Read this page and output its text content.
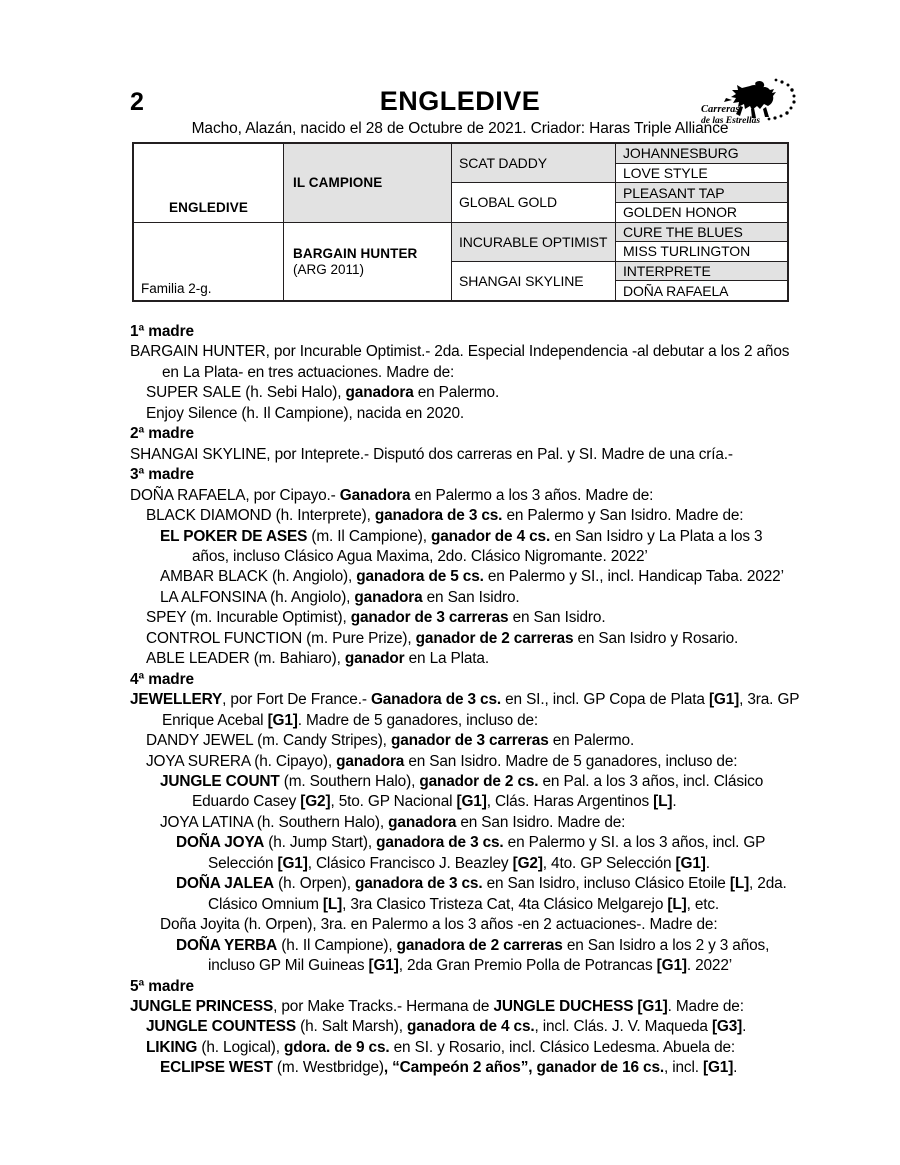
2	ENGLEDIVE
Macho, Alazán, nacido el 28 de Octubre de 2021. Criador: Haras Triple Alliance
Carreras
de las Estrellas
ENGLEDIVE
Familia 2-g.
IL CAMPIONE
BARGAIN HUNTER
(ARG 2011)
SCAT DADDY
GLOBAL GOLD
INCURABLE OPTIMIST
SHANGAI SKYLINE
JOHANNESBURG
LOVE STYLE
PLEASANT TAP
GOLDEN HONOR
CURE THE BLUES
MISS TURLINGTON
INTERPRETE
DOÑA RAFAELA
1ª madre
BARGAIN HUNTER, por Incurable Optimist.- 2da. Especial Independencia -al debutar a los 2 años en La Plata- en tres actuaciones. Madre de:
SUPER SALE (h. Sebi Halo), ganadora en Palermo.
Enjoy Silence (h. Il Campione), nacida en 2020.
2ª madre
SHANGAI SKYLINE, por Inteprete.- Disputó dos carreras en Pal. y SI. Madre de una cría.-
3ª madre
DOÑA RAFAELA, por Cipayo.- Ganadora en Palermo a los 3 años. Madre de:
BLACK DIAMOND (h. Interprete), ganadora de 3 cs. en Palermo y San Isidro. Madre de:
EL POKER DE ASES (m. Il Campione), ganador de 4 cs. en San Isidro y La Plata a los 3 años, incluso Clásico Agua Maxima, 2do. Clásico Nigromante. 2022’
AMBAR BLACK (h. Angiolo), ganadora de 5 cs. en Palermo y SI., incl. Handicap Taba. 2022’
LA ALFONSINA (h. Angiolo), ganadora en San Isidro.
SPEY (m. Incurable Optimist), ganador de 3 carreras en San Isidro.
CONTROL FUNCTION (m. Pure Prize), ganador de 2 carreras en San Isidro y Rosario.
ABLE LEADER (m. Bahiaro), ganador en La Plata.
4ª madre
JEWELLERY, por Fort De France.- Ganadora de 3 cs. en SI., incl. GP Copa de Plata [G1], 3ra. GP Enrique Acebal [G1]. Madre de 5 ganadores, incluso de:
DANDY JEWEL (m. Candy Stripes), ganador de 3 carreras en Palermo.
JOYA SURERA (h. Cipayo), ganadora en San Isidro. Madre de 5 ganadores, incluso de:
JUNGLE COUNT (m. Southern Halo), ganador de 2 cs. en Pal. a los 3 años, incl. Clásico Eduardo Casey [G2], 5to. GP Nacional [G1], Clás. Haras Argentinos [L].
JOYA LATINA (h. Southern Halo), ganadora en San Isidro. Madre de:
DOÑA JOYA (h. Jump Start), ganadora de 3 cs. en Palermo y SI. a los 3 años, incl. GP Selección [G1], Clásico Francisco J. Beazley [G2], 4to. GP Selección [G1].
DOÑA JALEA (h. Orpen), ganadora de 3 cs. en San Isidro, incluso Clásico Etoile [L], 2da. Clásico Omnium [L], 3ra Clasico Tristeza Cat, 4ta Clásico Melgarejo [L], etc.
Doña Joyita (h. Orpen), 3ra. en Palermo a los 3 años -en 2 actuaciones-. Madre de:
DOÑA YERBA (h. Il Campione), ganadora de 2 carreras en San Isidro a los 2 y 3 años, incluso GP Mil Guineas [G1], 2da Gran Premio Polla de Potrancas [G1]. 2022’
5ª madre
JUNGLE PRINCESS, por Make Tracks.- Hermana de JUNGLE DUCHESS [G1]. Madre de:
JUNGLE COUNTESS (h. Salt Marsh), ganadora de 4 cs., incl. Clás. J. V. Maqueda [G3].
LIKING (h. Logical), gdora. de 9 cs. en SI. y Rosario, incl. Clásico Ledesma. Abuela de:
ECLIPSE WEST (m. Westbridge), “Campeón 2 años”, ganador de 16 cs., incl. [G1].
